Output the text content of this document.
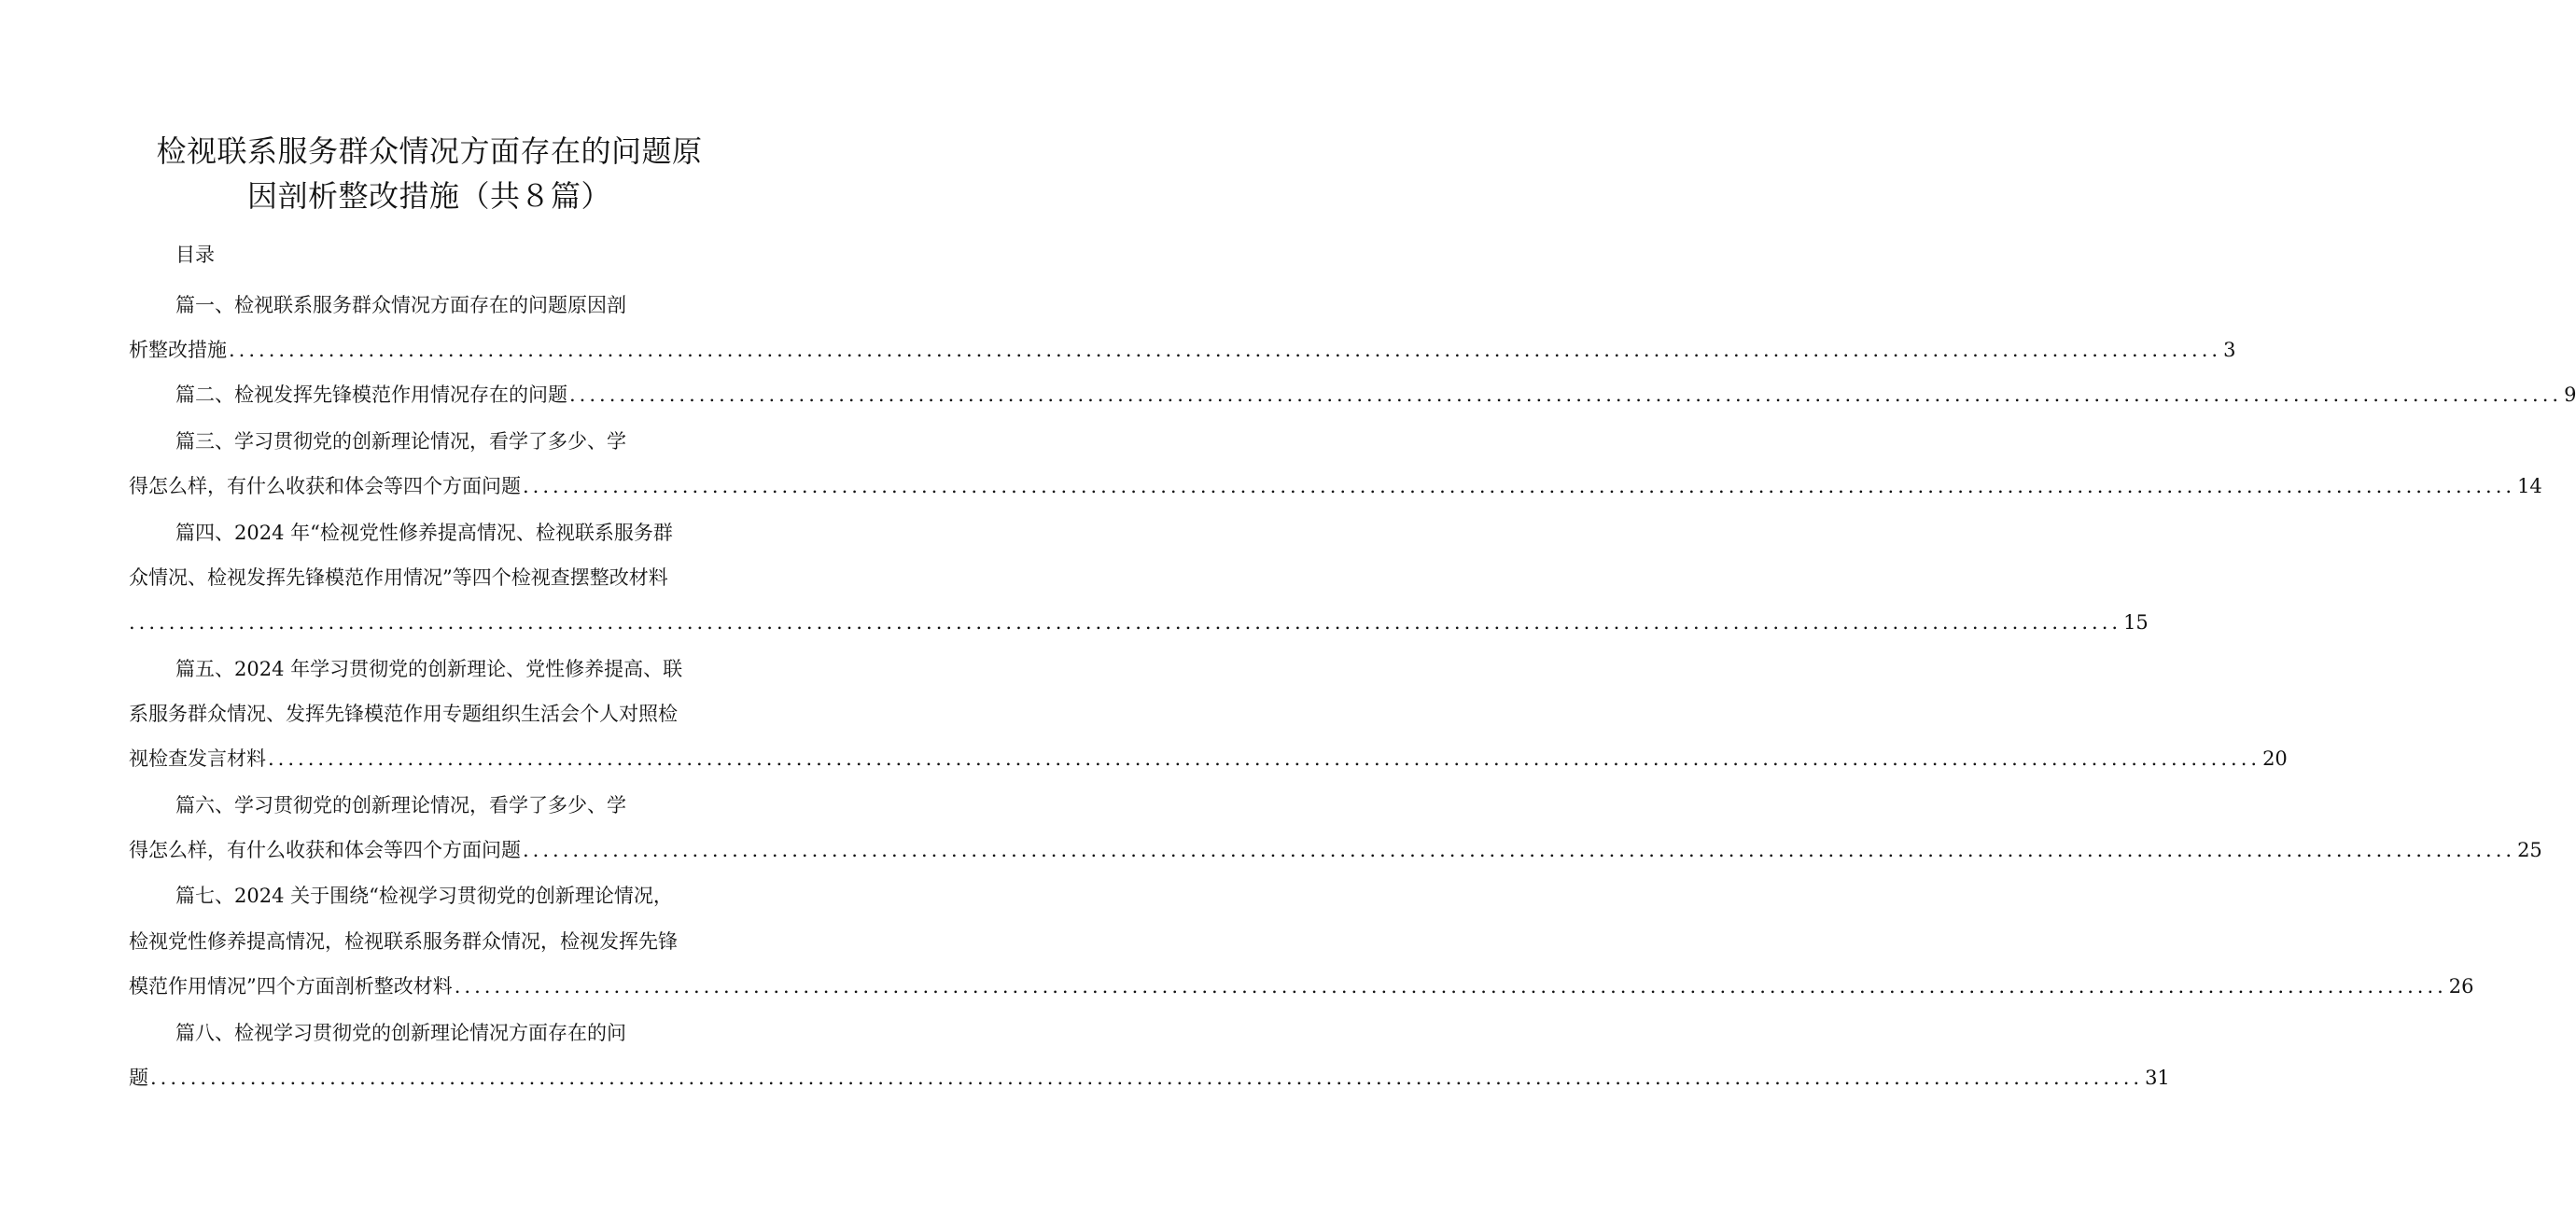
检视联系服务群众情况方面存在的问题原
因剖析整改措施（共８篇）
目录
篇一、检视联系服务群众情况方面存在的问题原因剖
析整改措施 ........................................................................................................................................................................................................ 3
篇二、检视发挥先锋模范作用情况存在的问题 ........................................................................................................................................................................................................ 9
篇三、学习贯彻党的创新理论情况，看学了多少、学
得怎么样，有什么收获和体会等四个方面问题 ........................................................................................................................................................................................................ 14
篇四、2024 年“检视党性修养提高情况、检视联系服务群
众情况、检视发挥先锋模范作用情况”等四个检视查摆整改材料
........................................................................................................................................................................................................ 15
篇五、2024 年学习贯彻党的创新理论、党性修养提高、联
系服务群众情况、发挥先锋模范作用专题组织生活会个人对照检
视检查发言材料 ........................................................................................................................................................................................................ 20
篇六、学习贯彻党的创新理论情况，看学了多少、学
得怎么样，有什么收获和体会等四个方面问题 ........................................................................................................................................................................................................ 25
篇七、2024 关于围绕“检视学习贯彻党的创新理论情况，
检视党性修养提高情况，检视联系服务群众情况，检视发挥先锋
模范作用情况”四个方面剖析整改材料 ........................................................................................................................................................................................................ 26
篇八、检视学习贯彻党的创新理论情况方面存在的问
题 ........................................................................................................................................................................................................ 31
